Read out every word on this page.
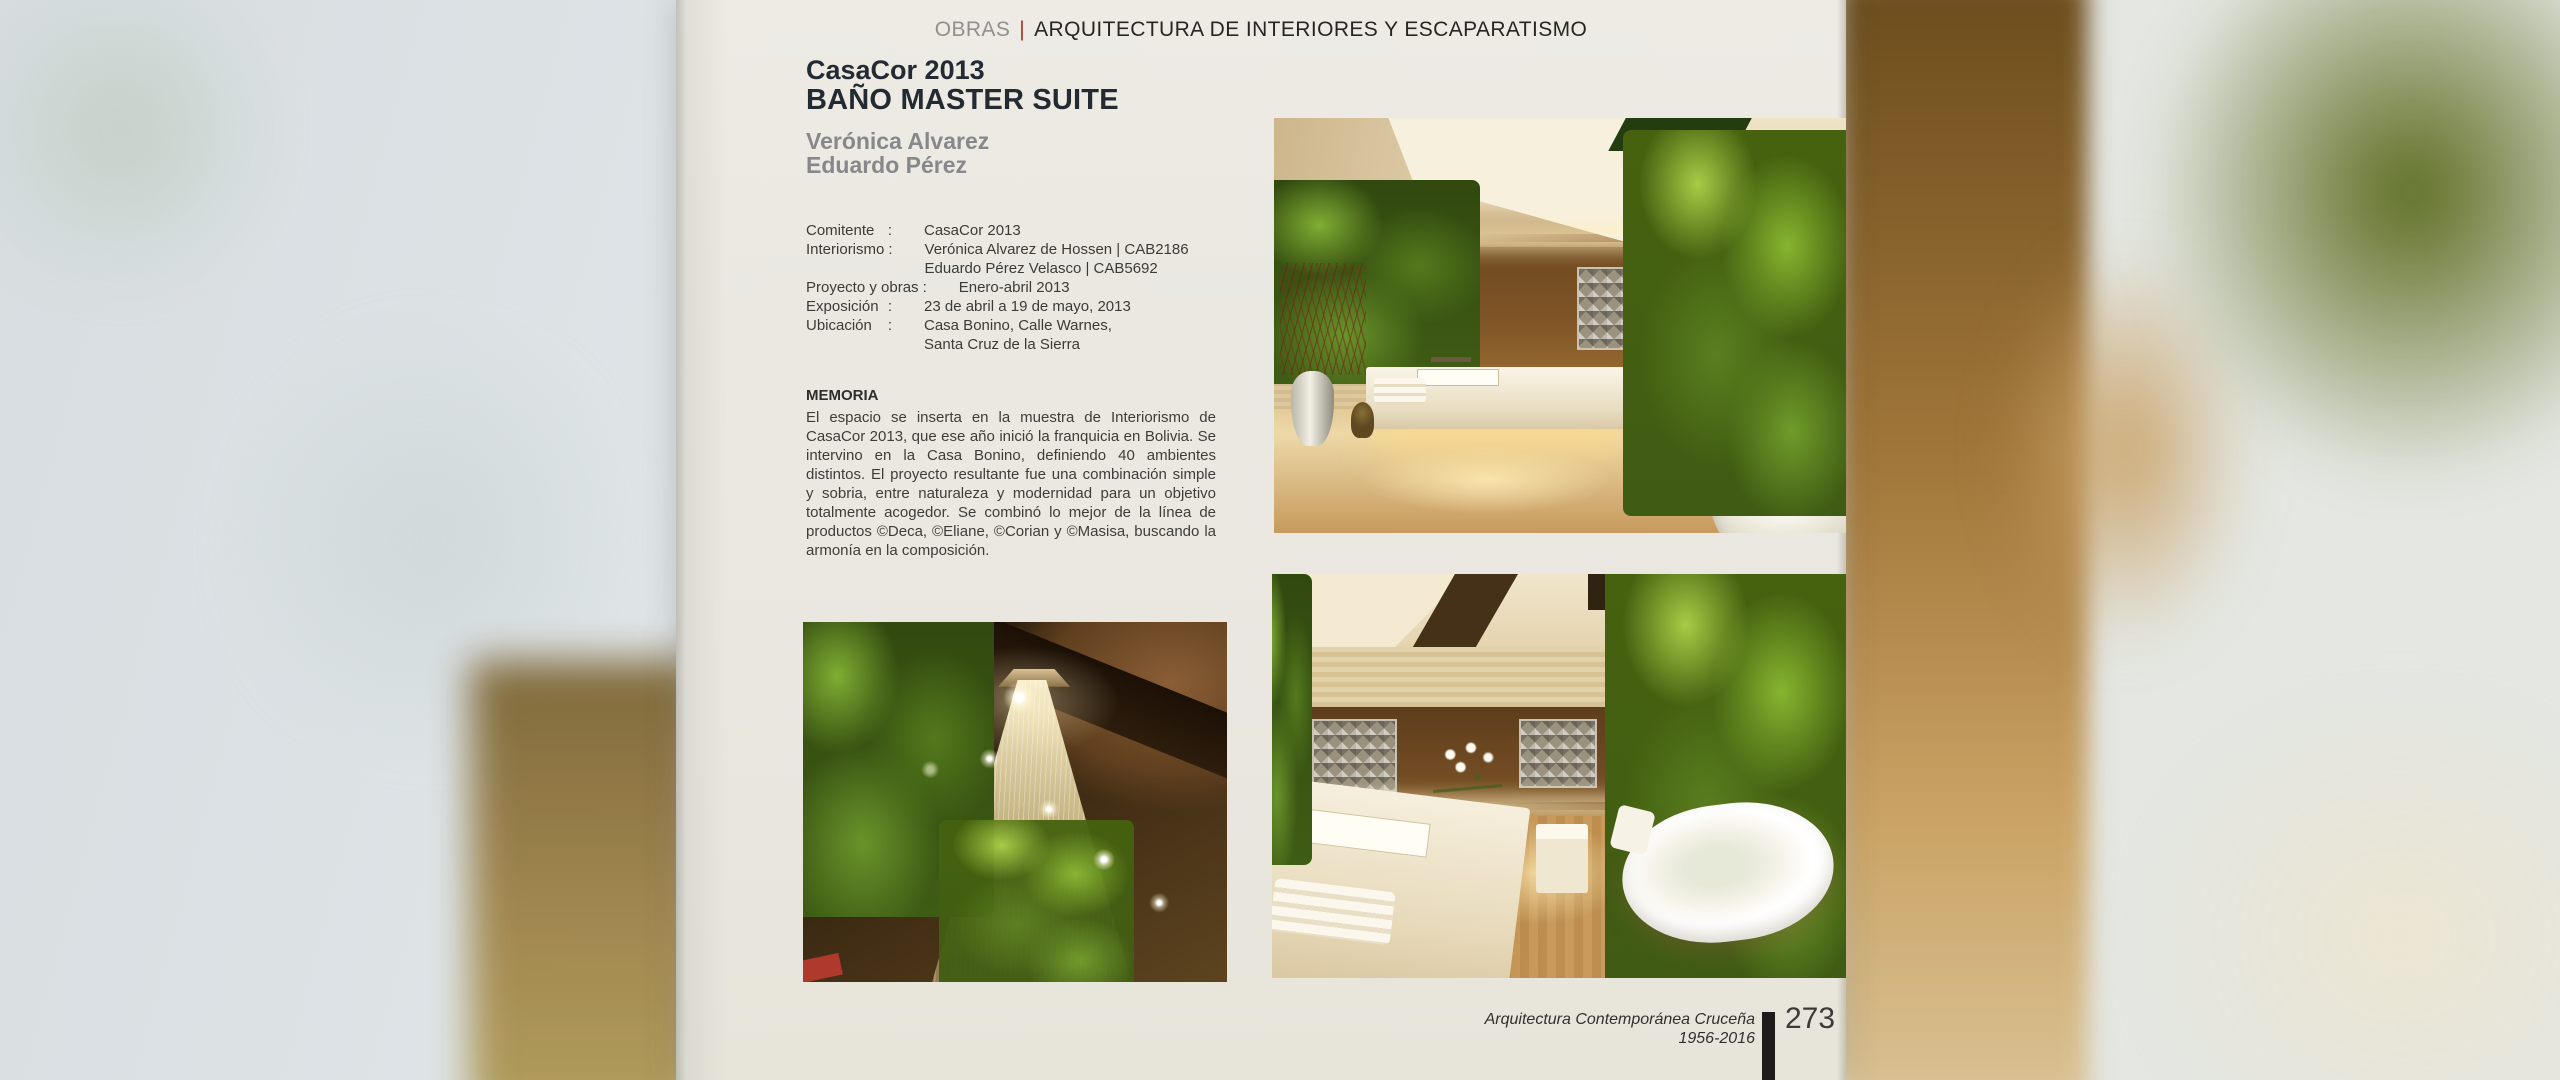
OBRAS | ARQUITECTURA DE INTERIORES Y ESCAPARATISMO
CasaCor 2013
BAÑO MASTER SUITE
Verónica Alvarez
Eduardo Pérez
Comitente : CasaCor 2013
Interiorismo : Verónica Alvarez de Hossen | CAB2186
Eduardo Pérez Velasco | CAB5692
Proyecto y obras : Enero-abril 2013
Exposición : 23 de abril a 19 de mayo, 2013
Ubicación : Casa Bonino, Calle Warnes,
Santa Cruz de la Sierra
MEMORIA

El espacio se inserta en la muestra de Interiorismo de CasaCor 2013, que ese año inició la franquicia en Bolivia. Se intervino en la Casa Bonino, definiendo 40 ambientes distintos. El proyecto resultante fue una combinación simple y sobria, entre naturaleza y modernidad para un objetivo totalmente acogedor. Se combinó lo mejor de la línea de productos ©Deca, ©Eliane, ©Corian y ©Masisa, buscando la armonía en la composición.

Arquitectura Contemporánea Cruceña
1956-2016
273
